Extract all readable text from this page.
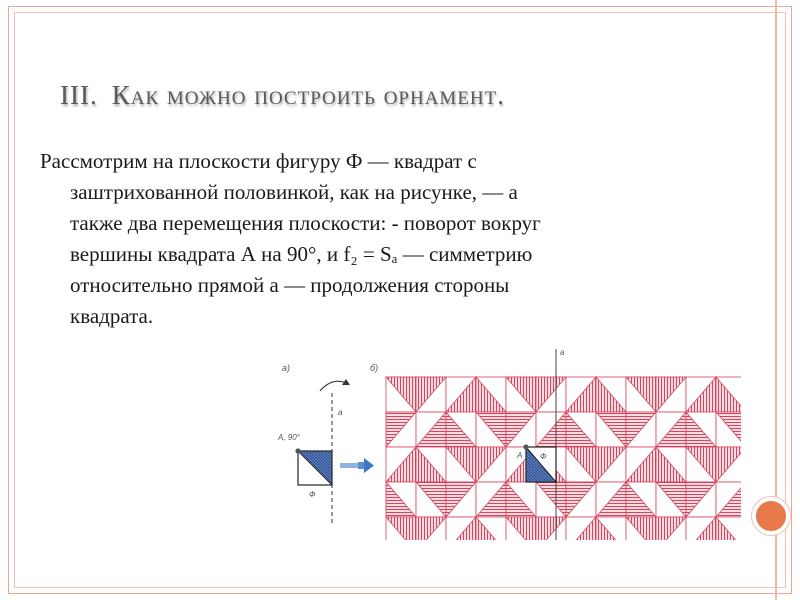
III. Как можно построить орнамент.
Рассмотрим на плоскости фигуру Ф — квадрат с
заштрихованной половинкой, как на рисунке, — а
также два перемещения плоскости: - поворот вокруг
вершины квадрата А на 90°, и f₂ = Sₐ — симметрию
относительно прямой а — продолжения стороны
квадрата.
а)
a
A, 90°
Ф
б)
a
A Ф
